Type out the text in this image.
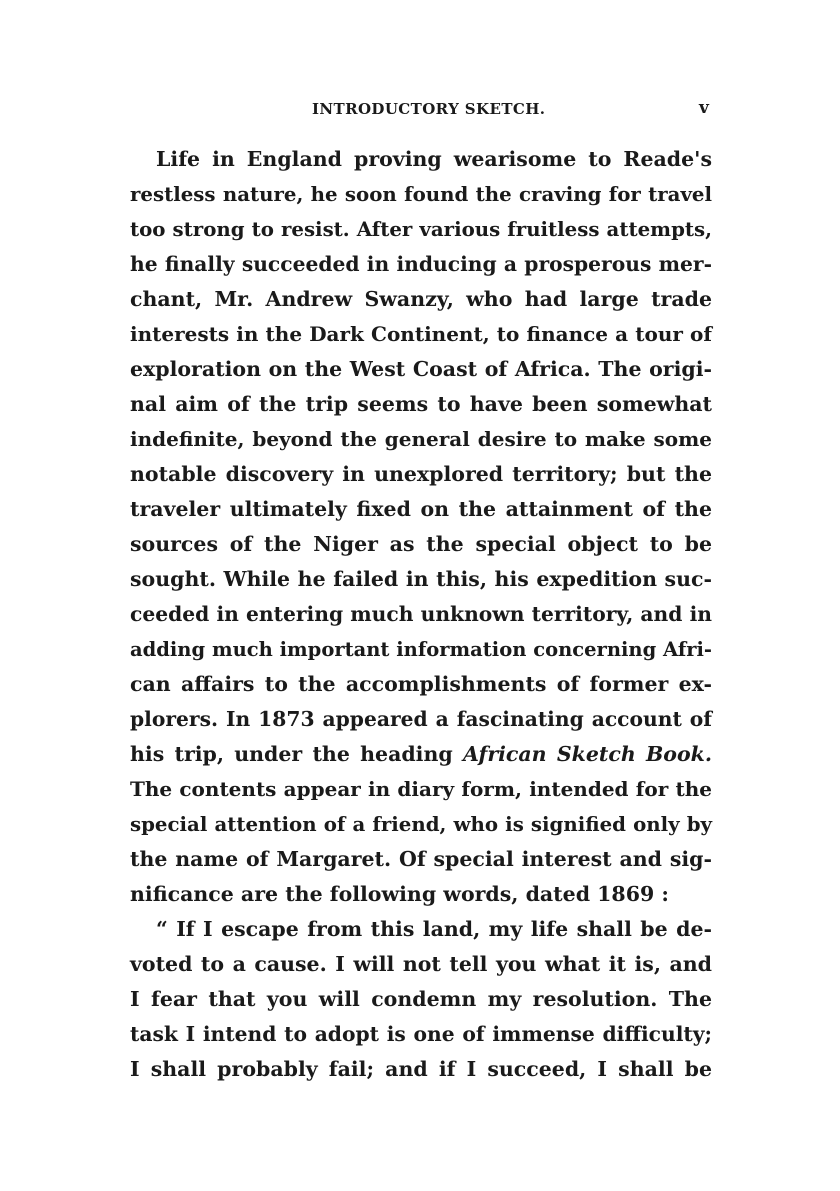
INTRODUCTORY SKETCH.	v
Life in England proving wearisome to Reade's
restless nature, he soon found the craving for travel
too strong to resist. After various fruitless attempts,
he finally succeeded in inducing a prosperous mer-
chant, Mr. Andrew Swanzy, who had large trade
interests in the Dark Continent, to finance a tour of
exploration on the West Coast of Africa. The origi-
nal aim of the trip seems to have been somewhat
indefinite, beyond the general desire to make some
notable discovery in unexplored territory; but the
traveler ultimately fixed on the attainment of the
sources of the Niger as the special object to be
sought. While he failed in this, his expedition suc-
ceeded in entering much unknown territory, and in
adding much important information concerning Afri-
can affairs to the accomplishments of former ex-
plorers. In 1873 appeared a fascinating account of
his trip, under the heading African Sketch Book.
The contents appear in diary form, intended for the
special attention of a friend, who is signified only by
the name of Margaret. Of special interest and sig-
nificance are the following words, dated 1869 :
“ If I escape from this land, my life shall be de-
voted to a cause. I will not tell you what it is, and
I fear that you will condemn my resolution. The
task I intend to adopt is one of immense difficulty;
I shall probably fail; and if I succeed, I shall be
